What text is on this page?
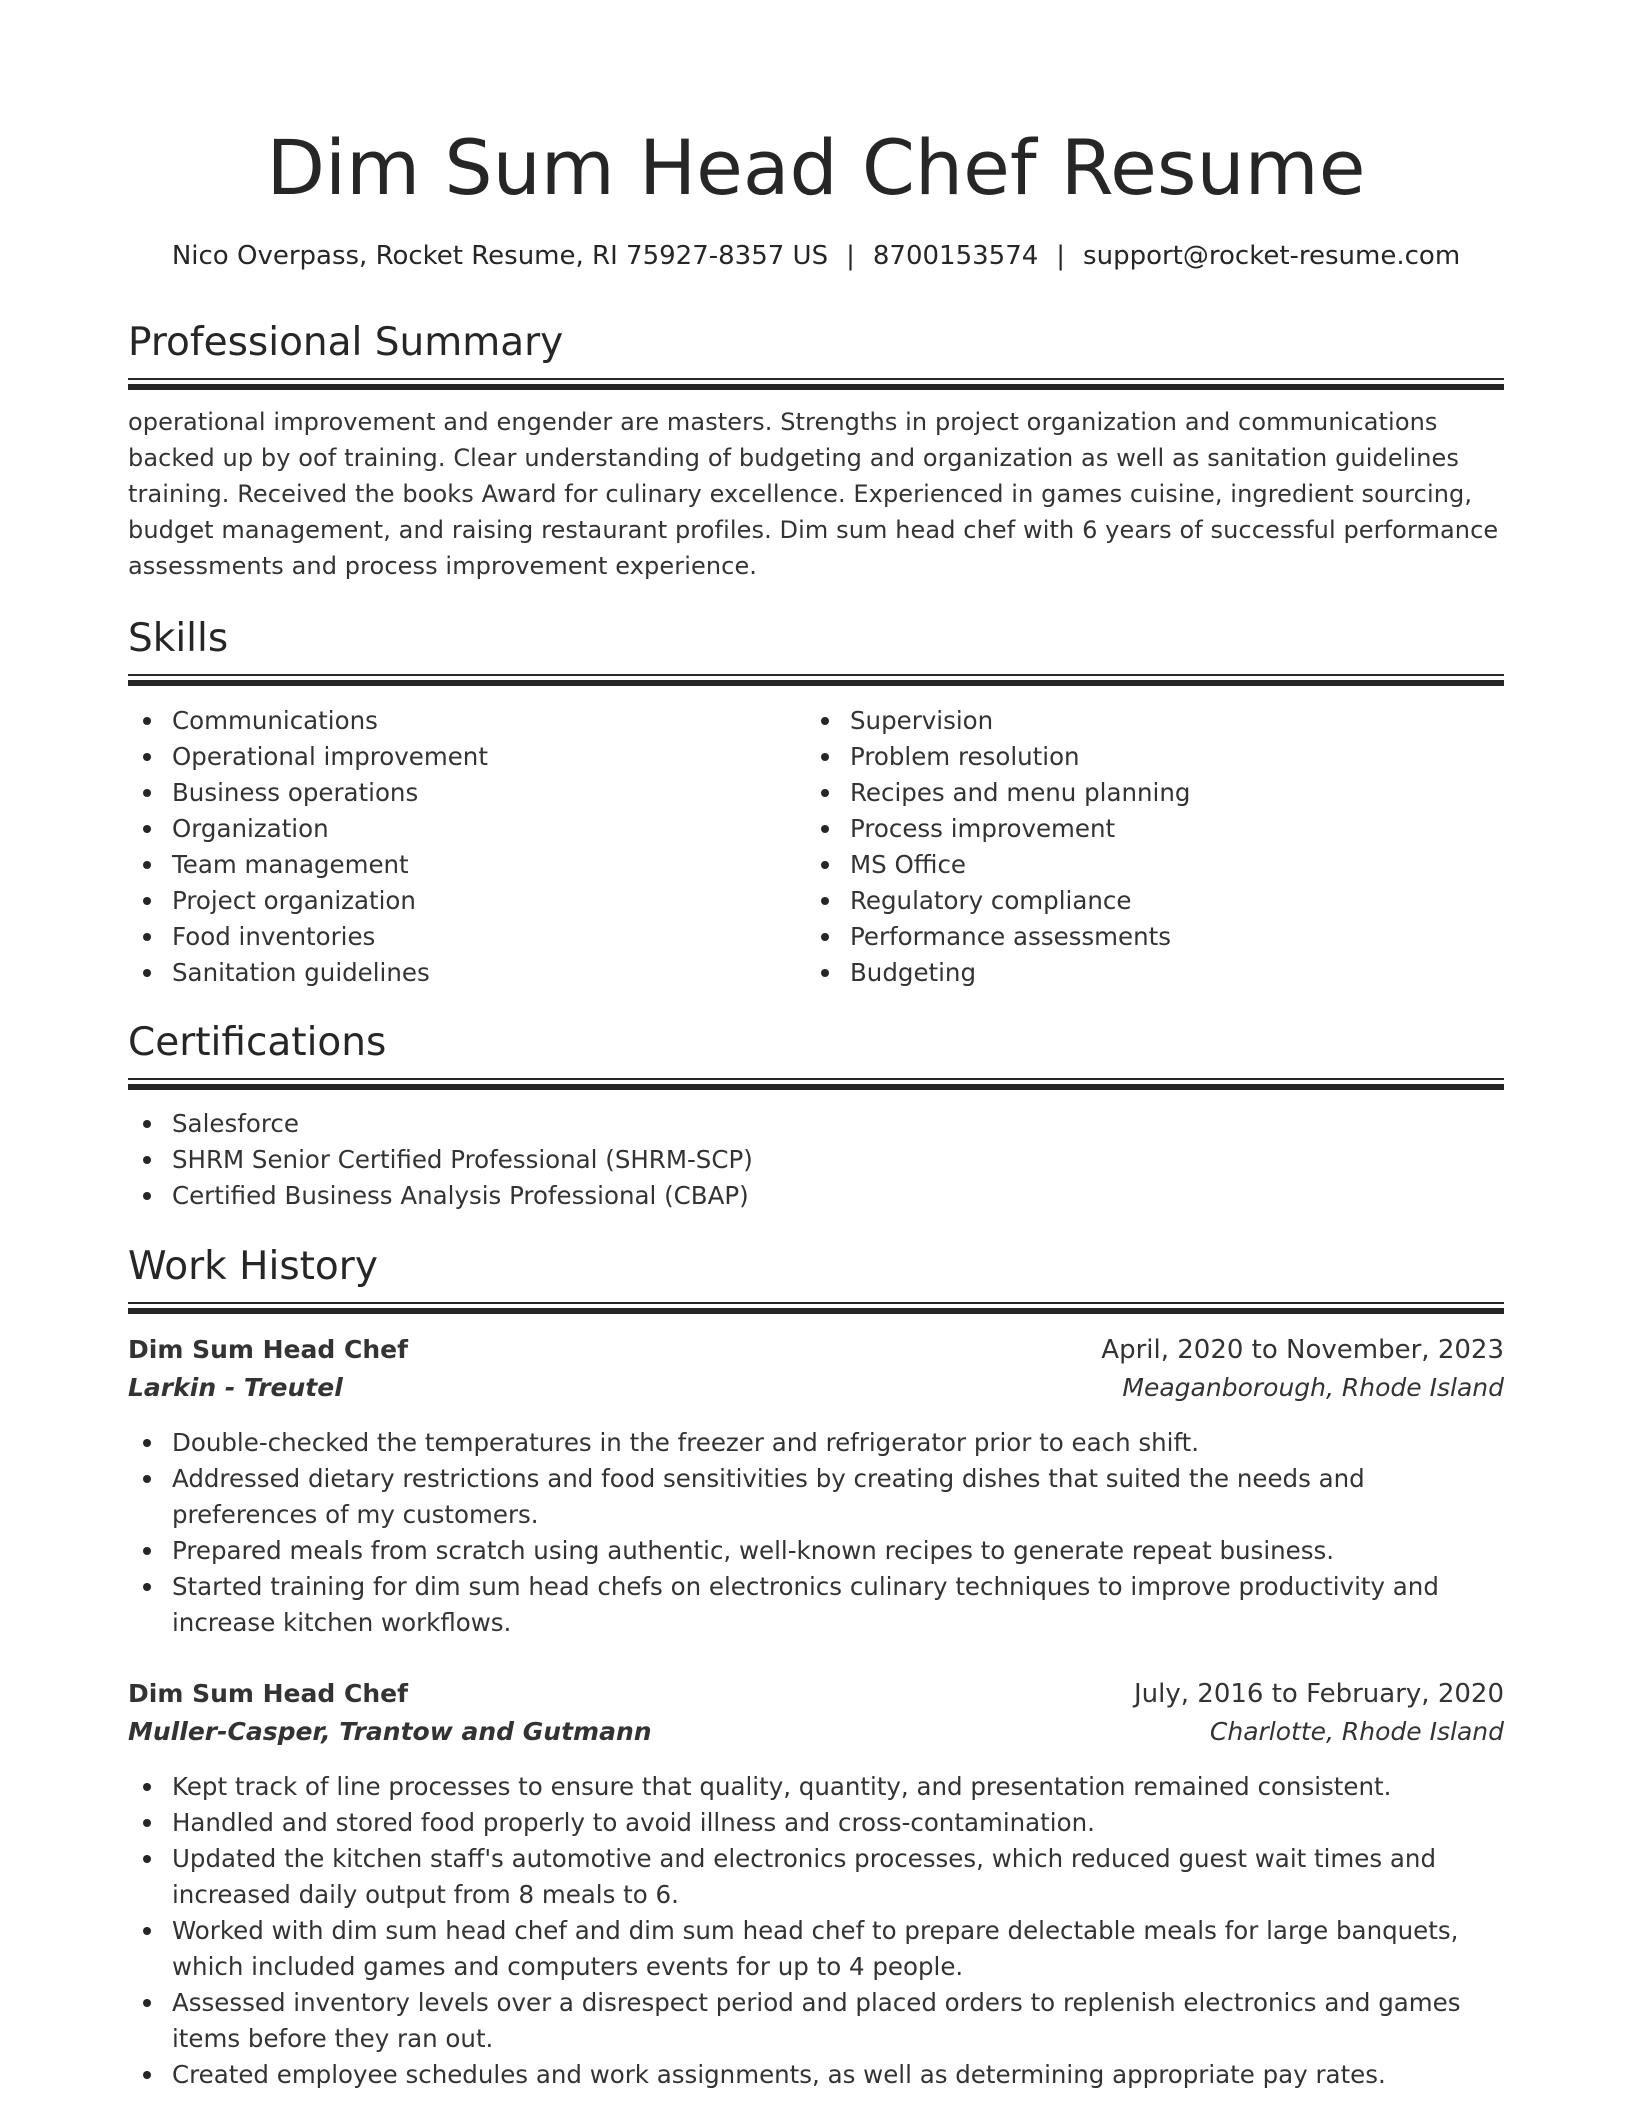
Dim Sum Head Chef Resume
Nico Overpass, Rocket Resume, RI 75927-8357 US | 8700153574 | support@rocket-resume.com
Professional Summary

operational improvement and engender are masters. Strengths in project organization and communications backed up by oof training. Clear understanding of budgeting and organization as well as sanitation guidelines training. Received the books Award for culinary excellence. Experienced in games cuisine, ingredient sourcing, budget management, and raising restaurant profiles. Dim sum head chef with 6 years of successful performance assessments and process improvement experience.

Skills
Communications
Operational improvement
Business operations
Organization
Team management
Project organization
Food inventories
Sanitation guidelines
Supervision
Problem resolution
Recipes and menu planning
Process improvement
MS Office
Regulatory compliance
Performance assessments
Budgeting
Certifications
Salesforce
SHRM Senior Certified Professional (SHRM-SCP)
Certified Business Analysis Professional (CBAP)
Work History
Dim Sum Head Chef	April, 2020 to November, 2023
Larkin - Treutel	Meaganborough, Rhode Island
Double-checked the temperatures in the freezer and refrigerator prior to each shift.
Addressed dietary restrictions and food sensitivities by creating dishes that suited the needs and preferences of my customers.
Prepared meals from scratch using authentic, well-known recipes to generate repeat business.
Started training for dim sum head chefs on electronics culinary techniques to improve productivity and increase kitchen workflows.
Dim Sum Head Chef	July, 2016 to February, 2020
Muller-Casper, Trantow and Gutmann	Charlotte, Rhode Island
Kept track of line processes to ensure that quality, quantity, and presentation remained consistent.
Handled and stored food properly to avoid illness and cross-contamination.
Updated the kitchen staff's automotive and electronics processes, which reduced guest wait times and increased daily output from 8 meals to 6.
Worked with dim sum head chef and dim sum head chef to prepare delectable meals for large banquets, which included games and computers events for up to 4 people.
Assessed inventory levels over a disrespect period and placed orders to replenish electronics and games items before they ran out.
Created employee schedules and work assignments, as well as determining appropriate pay rates.
